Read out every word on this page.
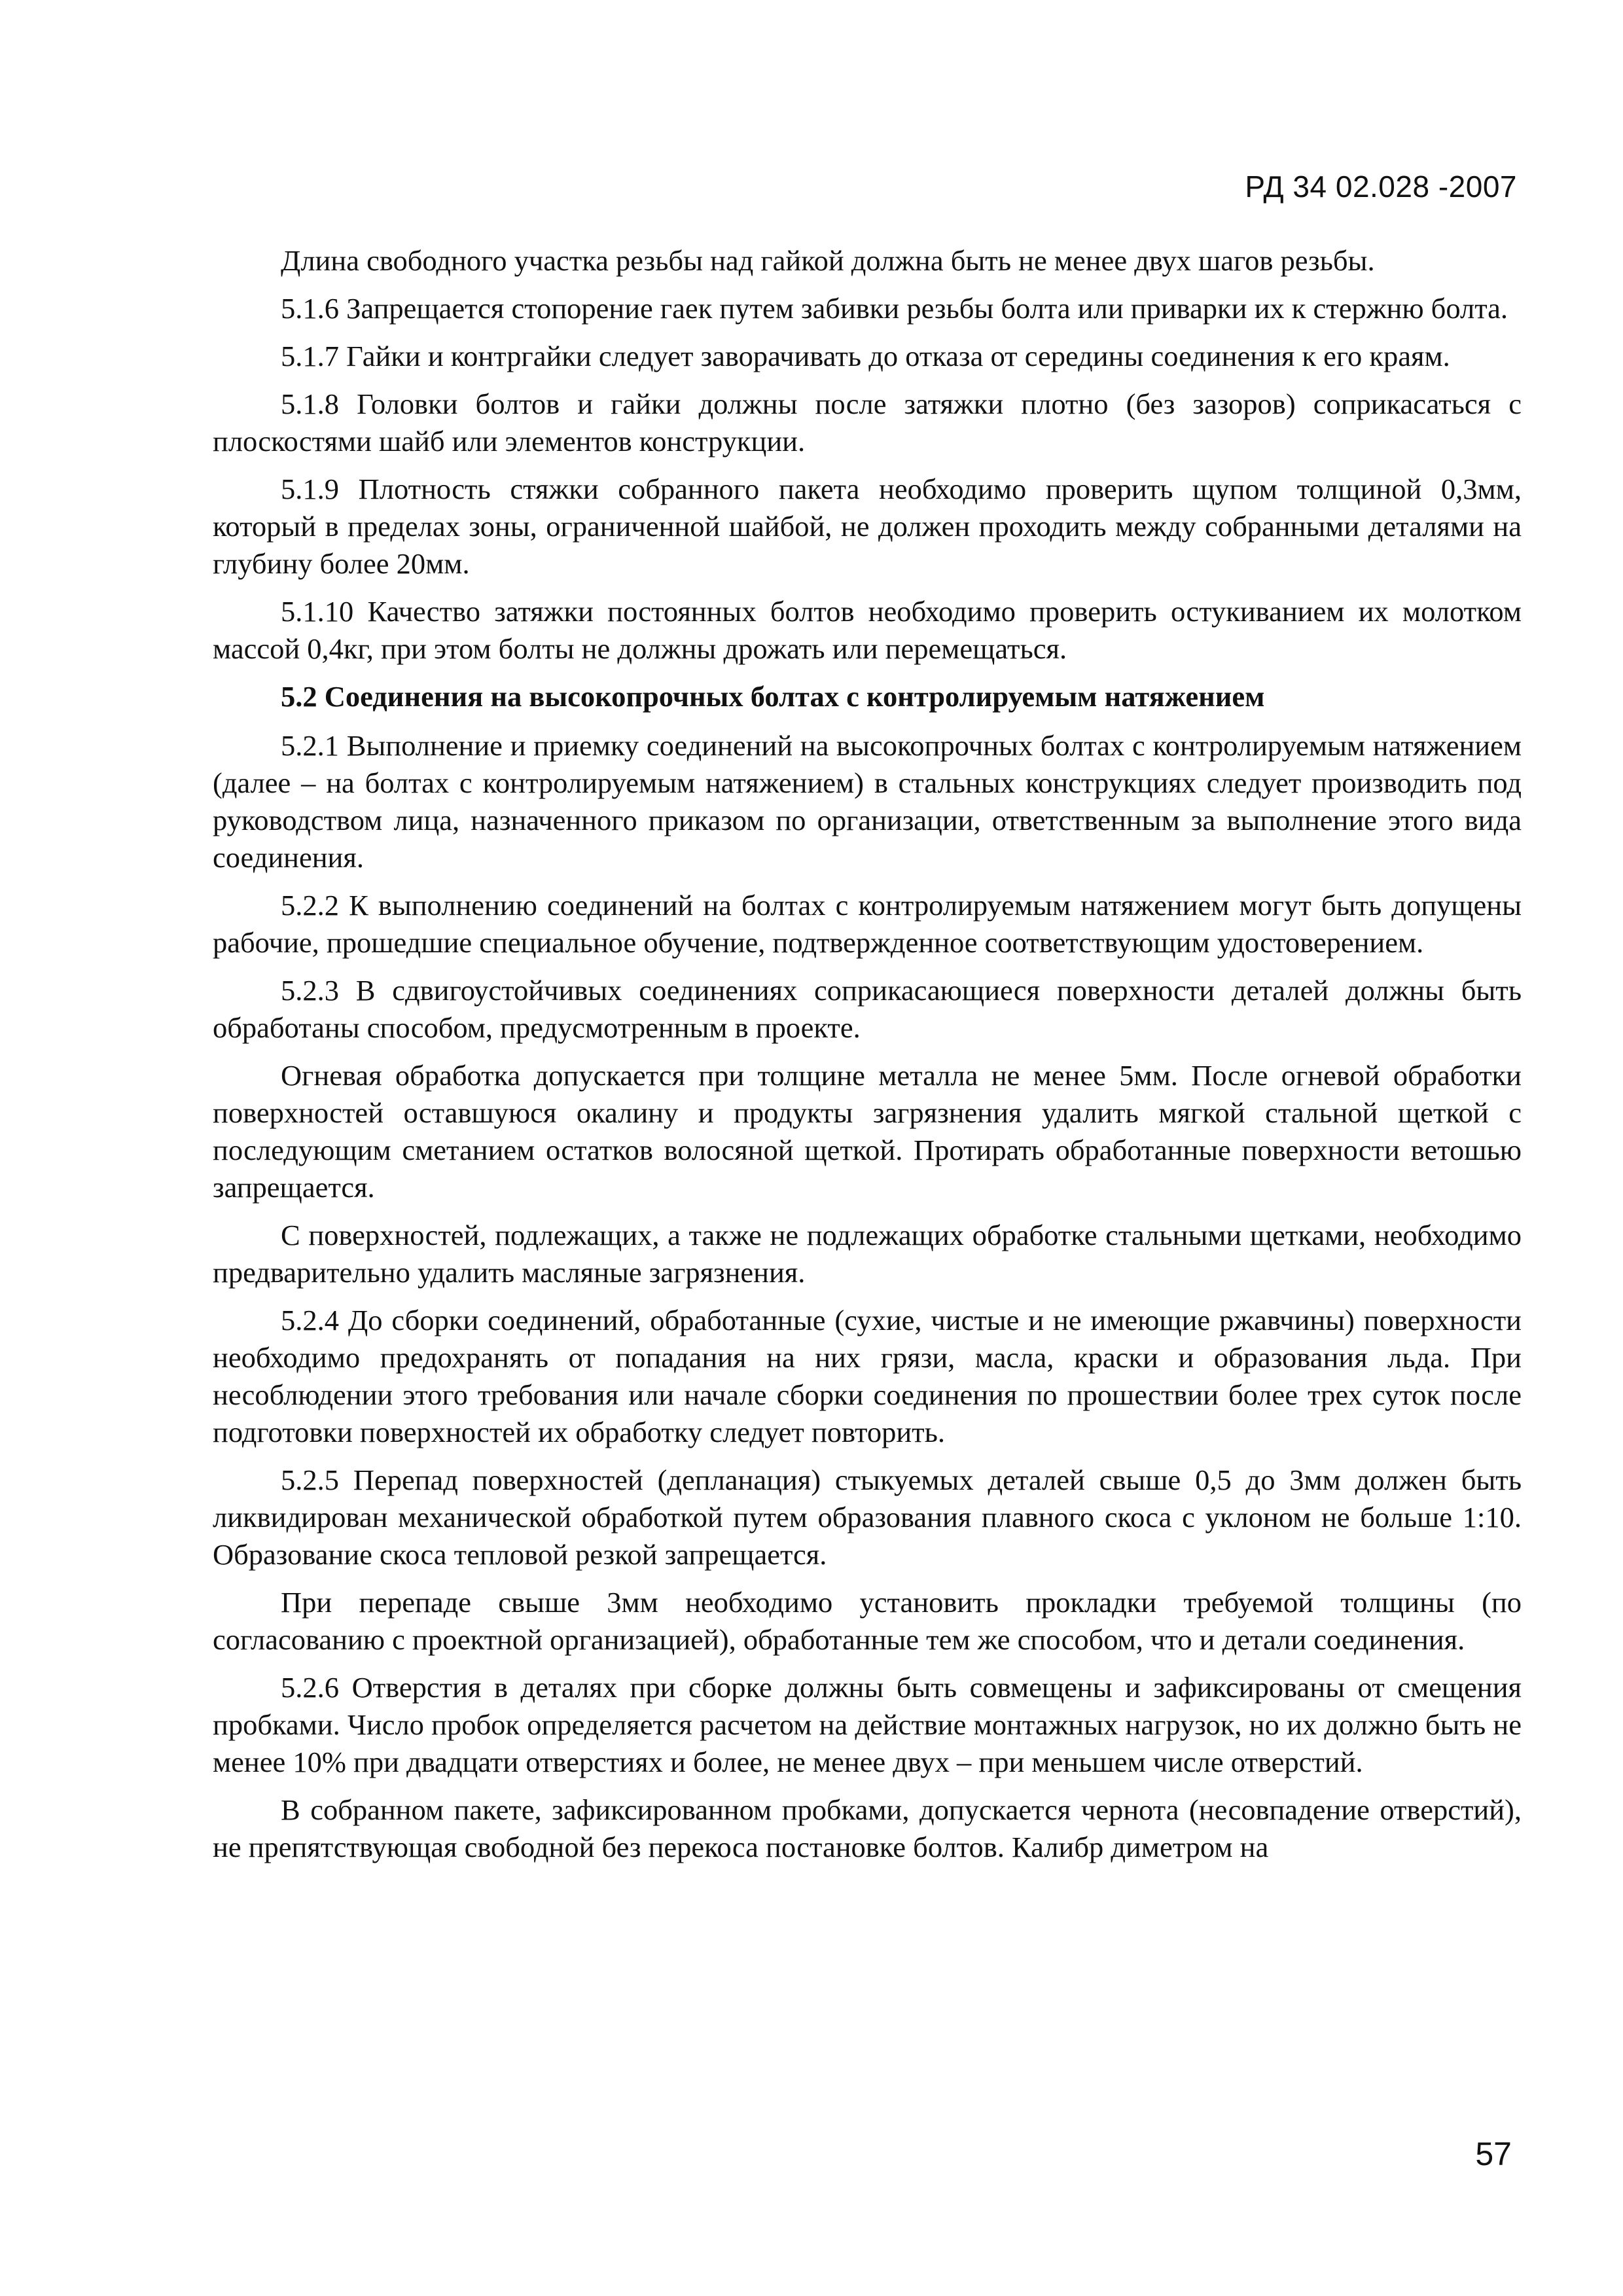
РД 34 02.028 -2007

Длина свободного участка резьбы над гайкой должна быть не менее двух шагов резьбы.

5.1.6 Запрещается стопорение гаек путем забивки резьбы болта или приварки их к стержню болта.

5.1.7 Гайки и контргайки следует заворачивать до отказа от середины соединения к его краям.

5.1.8 Головки болтов и гайки должны после затяжки плотно (без зазоров) соприкасаться с плоскостями шайб или элементов конструкции.

5.1.9 Плотность стяжки собранного пакета необходимо проверить щупом толщиной 0,3мм, который в пределах зоны, ограниченной шайбой, не должен проходить между собранными деталями на глубину более 20мм.

5.1.10 Качество затяжки постоянных болтов необходимо проверить остукиванием их молотком массой 0,4кг, при этом болты не должны дрожать или перемещаться.

5.2 Соединения на высокопрочных болтах с контролируемым натяжением

5.2.1 Выполнение и приемку соединений на высокопрочных болтах с контролируемым натяжением (далее – на болтах с контролируемым натяжением) в стальных конструкциях следует производить под руководством лица, назначенного приказом по организации, ответственным за выполнение этого вида соединения.

5.2.2 К выполнению соединений на болтах с контролируемым натяжением могут быть допущены рабочие, прошедшие специальное обучение, подтвержденное соответствующим удостоверением.

5.2.3 В сдвигоустойчивых соединениях соприкасающиеся поверхности деталей должны быть обработаны способом, предусмотренным в проекте.

Огневая обработка допускается при толщине металла не менее 5мм. После огневой обработки поверхностей оставшуюся окалину и продукты загрязнения удалить мягкой стальной щеткой с последующим сметанием остатков волосяной щеткой. Протирать обработанные поверхности ветошью запрещается.

С поверхностей, подлежащих, а также не подлежащих обработке стальными щетками, необходимо предварительно удалить масляные загрязнения.

5.2.4 До сборки соединений, обработанные (сухие, чистые и не имеющие ржавчины) поверхности необходимо предохранять от попадания на них грязи, масла, краски и образования льда. При несоблюдении этого требования или начале сборки соединения по прошествии более трех суток после подготовки поверхностей их обработку следует повторить.

5.2.5 Перепад поверхностей (депланация) стыкуемых деталей свыше 0,5 до 3мм должен быть ликвидирован механической обработкой путем образования плавного скоса с уклоном не больше 1:10. Образование скоса тепловой резкой запрещается.

При перепаде свыше 3мм необходимо установить прокладки требуемой толщины (по согласованию с проектной организацией), обработанные тем же способом, что и детали соединения.

5.2.6 Отверстия в деталях при сборке должны быть совмещены и зафиксированы от смещения пробками. Число пробок определяется расчетом на действие монтажных нагрузок, но их должно быть не менее 10% при двадцати отверстиях и более, не менее двух – при меньшем числе отверстий.

В собранном пакете, зафиксированном пробками, допускается чернота (несовпадение отверстий), не препятствующая свободной без перекоса постановке болтов. Калибр диметром на

57
